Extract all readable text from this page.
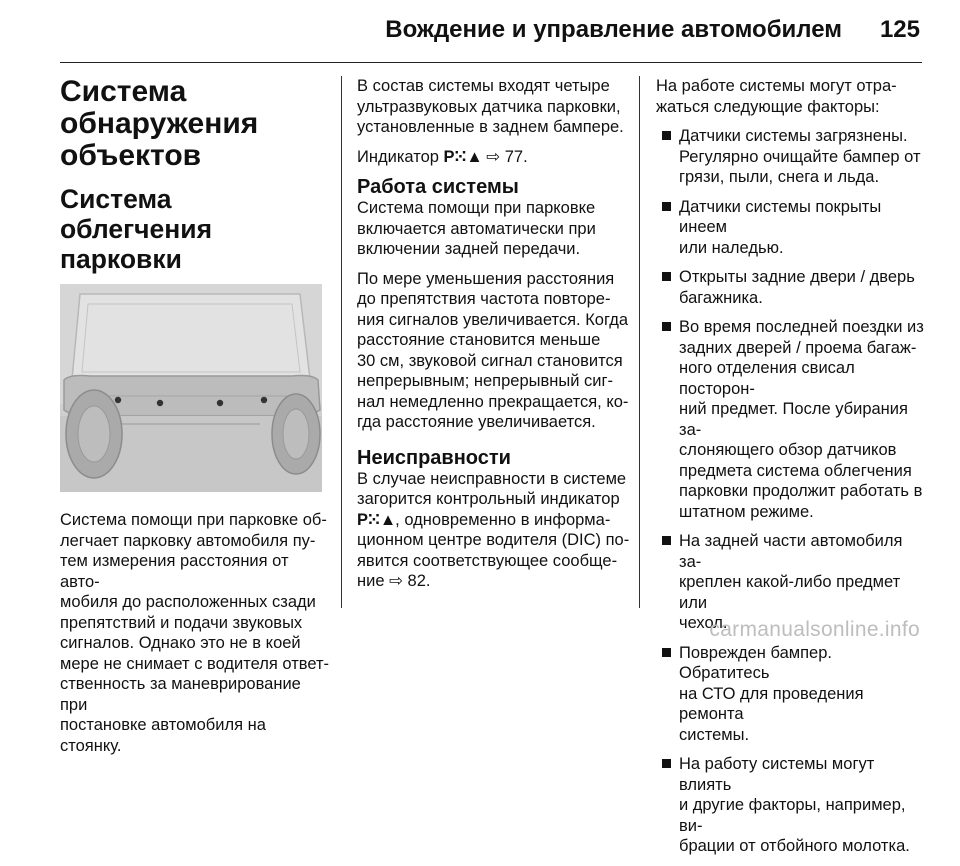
Вождение и управление автомобилем 125
Система обнаружения
объектов
Система облегчения
парковки
Система помощи при парковке об-
легчает парковку автомобиля пу-
тем измерения расстояния от авто-
мобиля до расположенных сзади
препятствий и подачи звуковых
сигналов. Однако это не в коей
мере не снимает с водителя ответ-
ственность за маневрирование при
постановке автомобиля на стоянку.

В состав системы входят четыре
ультразвуковых датчика парковки,
установленные в заднем бампере.

Индикатор P⁙▲ ⇨ 77.

Работа системы

Система помощи при парковке
включается автоматически при
включении задней передачи.

По мере уменьшения расстояния
до препятствия частота повторе-
ния сигналов увеличивается. Когда
расстояние становится меньше
30 см, звуковой сигнал становится
непрерывным; непрерывный сиг-
нал немедленно прекращается, ко-
гда расстояние увеличивается.

Неисправности

В случае неисправности в системе
загорится контрольный индикатор
P⁙▲, одновременно в информа-
ционном центре водителя (DIC) по-
явится соответствующее сообще-
ние ⇨ 82.

На работе системы могут отра-
жаться следующие факторы:

Датчики системы загрязнены.
Регулярно очищайте бампер от
грязи, пыли, снега и льда.
Датчики системы покрыты инеем
или наледью.
Открыты задние двери / дверь
багажника.
Во время последней поездки из
задних дверей / проема багаж-
ного отделения свисал посторон-
ний предмет. После убирания за-
слоняющего обзор датчиков
предмета система облегчения
парковки продолжит работать в
штатном режиме.
На задней части автомобиля за-
креплен какой-либо предмет или
чехол.
Поврежден бампер. Обратитесь
на СТО для проведения ремонта
системы.
На работу системы могут влиять
и другие факторы, например, ви-
брации от отбойного молотка.
carmanualsonline.info
